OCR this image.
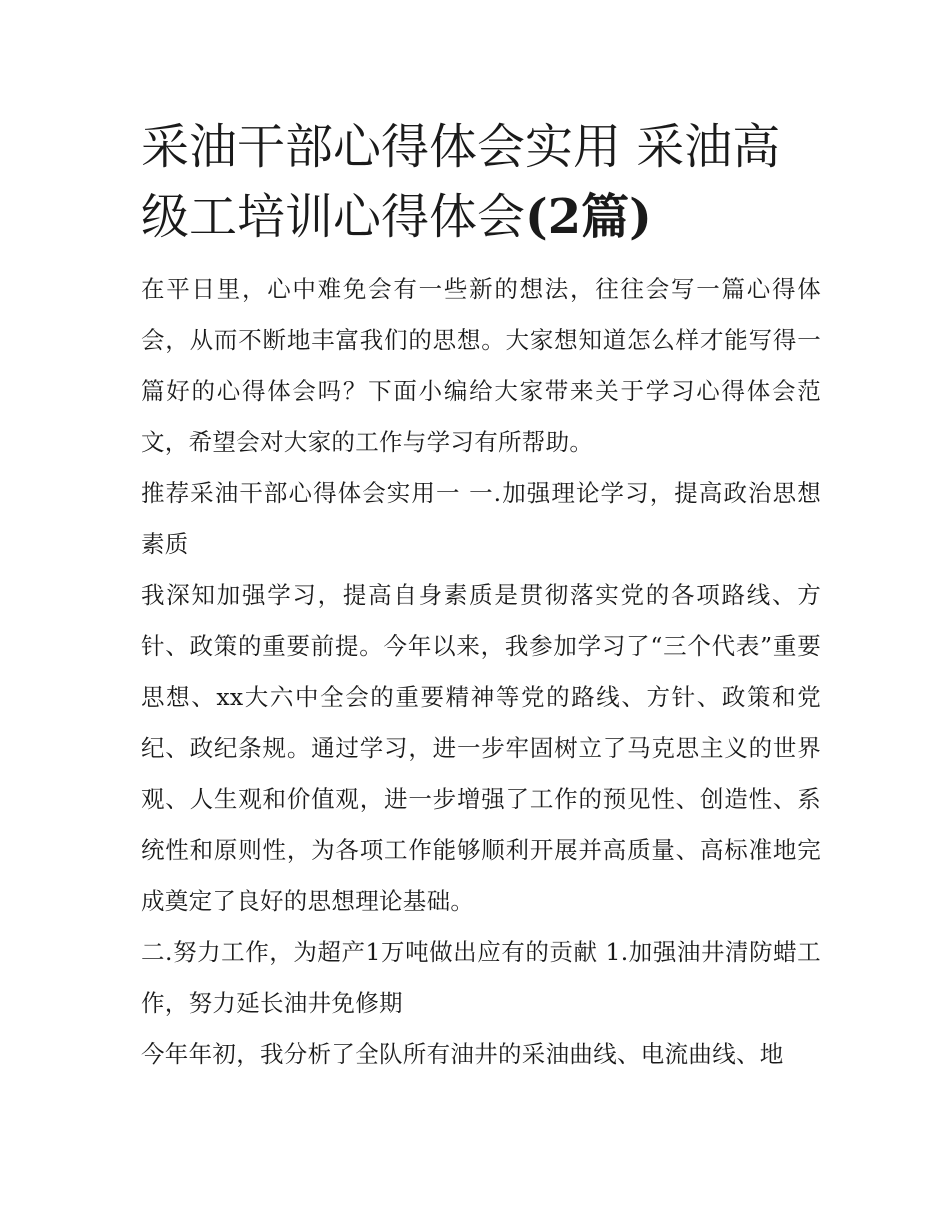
采油干部心得体会实用 采油高级工培训心得体会(2篇)

在平日里，心中难免会有一些新的想法，往往会写一篇心得体会，从而不断地丰富我们的思想。大家想知道怎么样才能写得一篇好的心得体会吗？下面小编给大家带来关于学习心得体会范文，希望会对大家的工作与学习有所帮助。

推荐采油干部心得体会实用一 一.加强理论学习，提高政治思想素质

我深知加强学习，提高自身素质是贯彻落实党的各项路线、方针、政策的重要前提。今年以来，我参加学习了“三个代表”重要思想、xx大六中全会的重要精神等党的路线、方针、政策和党纪、政纪条规。通过学习，进一步牢固树立了马克思主义的世界观、人生观和价值观，进一步增强了工作的预见性、创造性、系统性和原则性，为各项工作能够顺利开展并高质量、高标准地完成奠定了良好的思想理论基础。

二.努力工作，为超产1万吨做出应有的贡献 1.加强油井清防蜡工作，努力延长油井免修期

今年年初，我分析了全队所有油井的采油曲线、电流曲线、地
